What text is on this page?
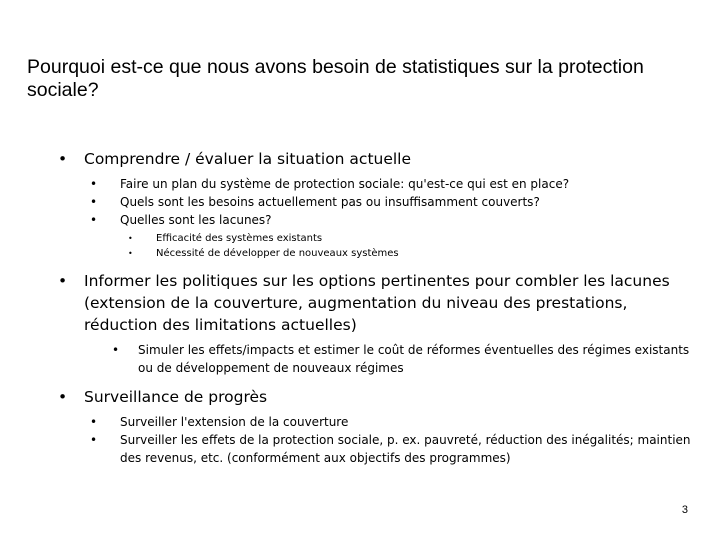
Pourquoi est-ce que nous avons besoin de statistiques sur la protection sociale?
• Comprendre / évaluer la situation actuelle
• Faire un plan du système de protection sociale: qu'est-ce qui est en place?
• Quels sont les besoins actuellement pas ou insuffisamment couverts?
• Quelles sont les lacunes?
• Efficacité des systèmes existants
• Nécessité de développer de nouveaux systèmes
• Informer les politiques sur les options pertinentes pour combler les lacunes (extension de la couverture, augmentation du niveau des prestations, réduction des limitations actuelles)
• Simuler les effets/impacts et estimer le coût de réformes éventuelles des régimes existants ou de développement de nouveaux régimes
• Surveillance de progrès
• Surveiller l'extension de la couverture
• Surveiller les effets de la protection sociale, p. ex. pauvreté, réduction des inégalités; maintien des revenus, etc. (conformément aux objectifs des programmes)
3
